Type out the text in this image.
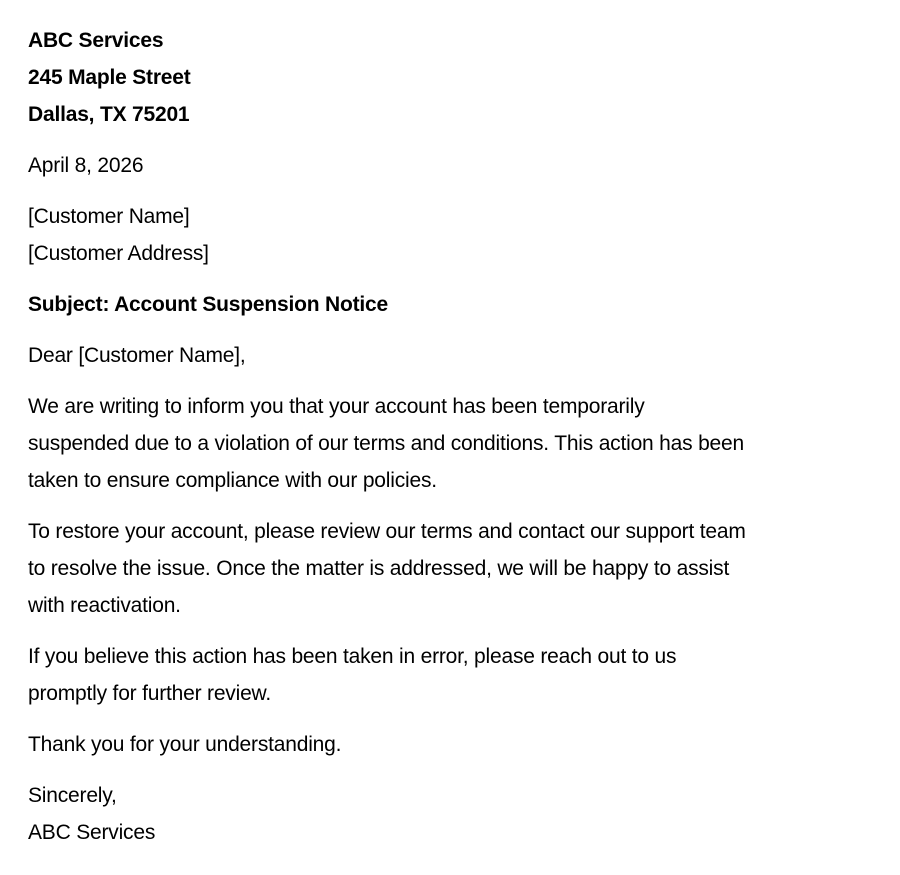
ABC Services
245 Maple Street
Dallas, TX 75201
April 8, 2026
[Customer Name]
[Customer Address]
Subject: Account Suspension Notice
Dear [Customer Name],
We are writing to inform you that your account has been temporarily
suspended due to a violation of our terms and conditions. This action has been
taken to ensure compliance with our policies.
To restore your account, please review our terms and contact our support team
to resolve the issue. Once the matter is addressed, we will be happy to assist
with reactivation.
If you believe this action has been taken in error, please reach out to us
promptly for further review.
Thank you for your understanding.
Sincerely,
ABC Services
